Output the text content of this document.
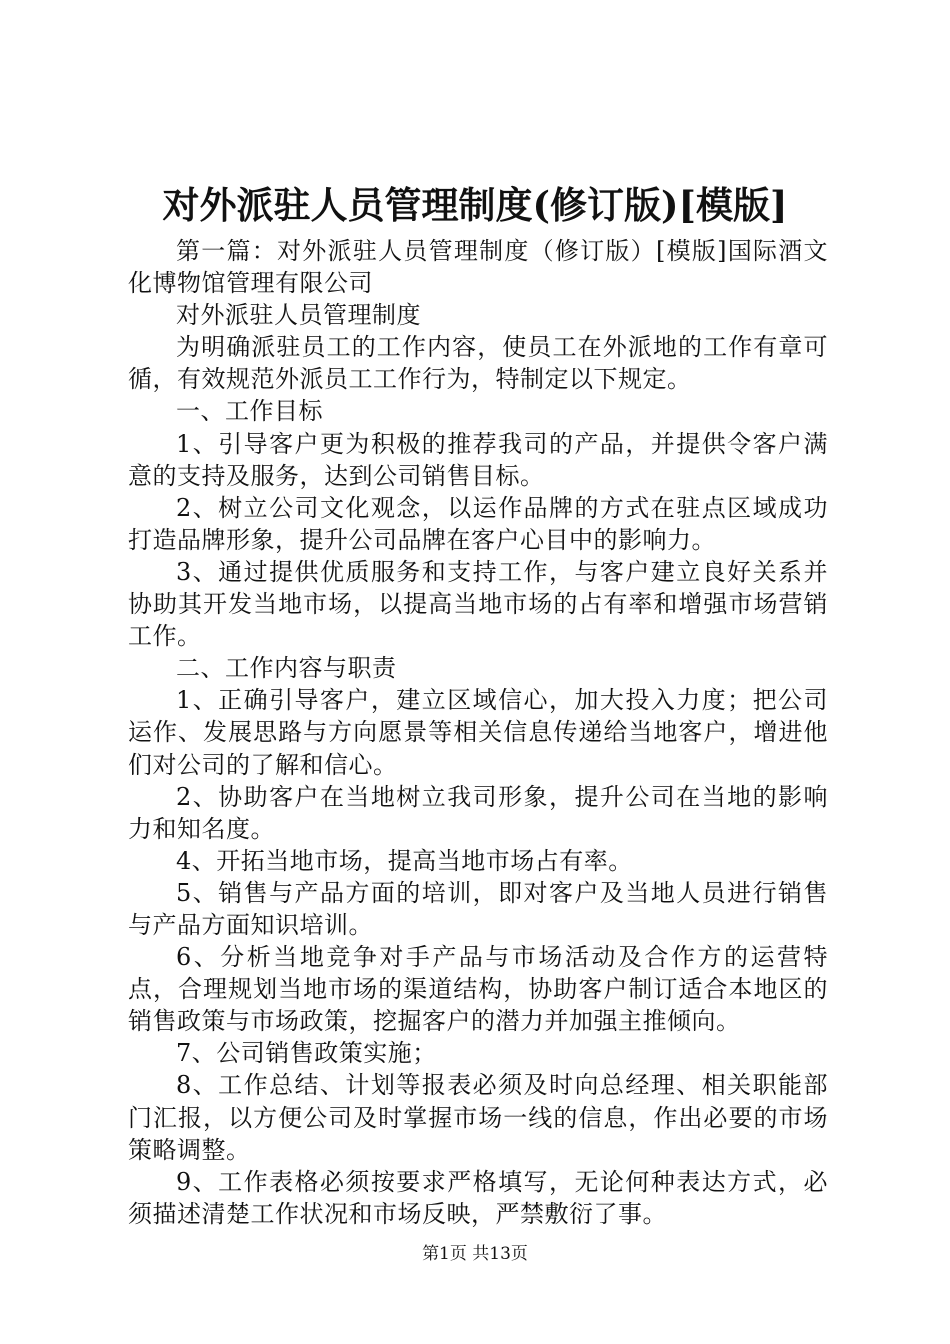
对外派驻人员管理制度(修订版)[模版]

第一篇：对外派驻人员管理制度（修订版）[模版]国际酒文化博物馆管理有限公司

对外派驻人员管理制度

为明确派驻员工的工作内容，使员工在外派地的工作有章可循，有效规范外派员工工作行为，特制定以下规定。

一、工作目标

1、引导客户更为积极的推荐我司的产品，并提供令客户满意的支持及服务，达到公司销售目标。

2、树立公司文化观念，以运作品牌的方式在驻点区域成功打造品牌形象，提升公司品牌在客户心目中的影响力。

3、通过提供优质服务和支持工作，与客户建立良好关系并协助其开发当地市场，以提高当地市场的占有率和增强市场营销工作。

二、工作内容与职责

1、正确引导客户，建立区域信心，加大投入力度；把公司运作、发展思路与方向愿景等相关信息传递给当地客户，增进他们对公司的了解和信心。

2、协助客户在当地树立我司形象，提升公司在当地的影响力和知名度。

4、开拓当地市场，提高当地市场占有率。

5、销售与产品方面的培训，即对客户及当地人员进行销售与产品方面知识培训。

6、分析当地竞争对手产品与市场活动及合作方的运营特点，合理规划当地市场的渠道结构，协助客户制订适合本地区的销售政策与市场政策，挖掘客户的潜力并加强主推倾向。

7、公司销售政策实施；

8、工作总结、计划等报表必须及时向总经理、相关职能部门汇报，以方便公司及时掌握市场一线的信息，作出必要的市场策略调整。

9、工作表格必须按要求严格填写，无论何种表达方式，必须描述清楚工作状况和市场反映，严禁敷衍了事。

第1页 共13页
